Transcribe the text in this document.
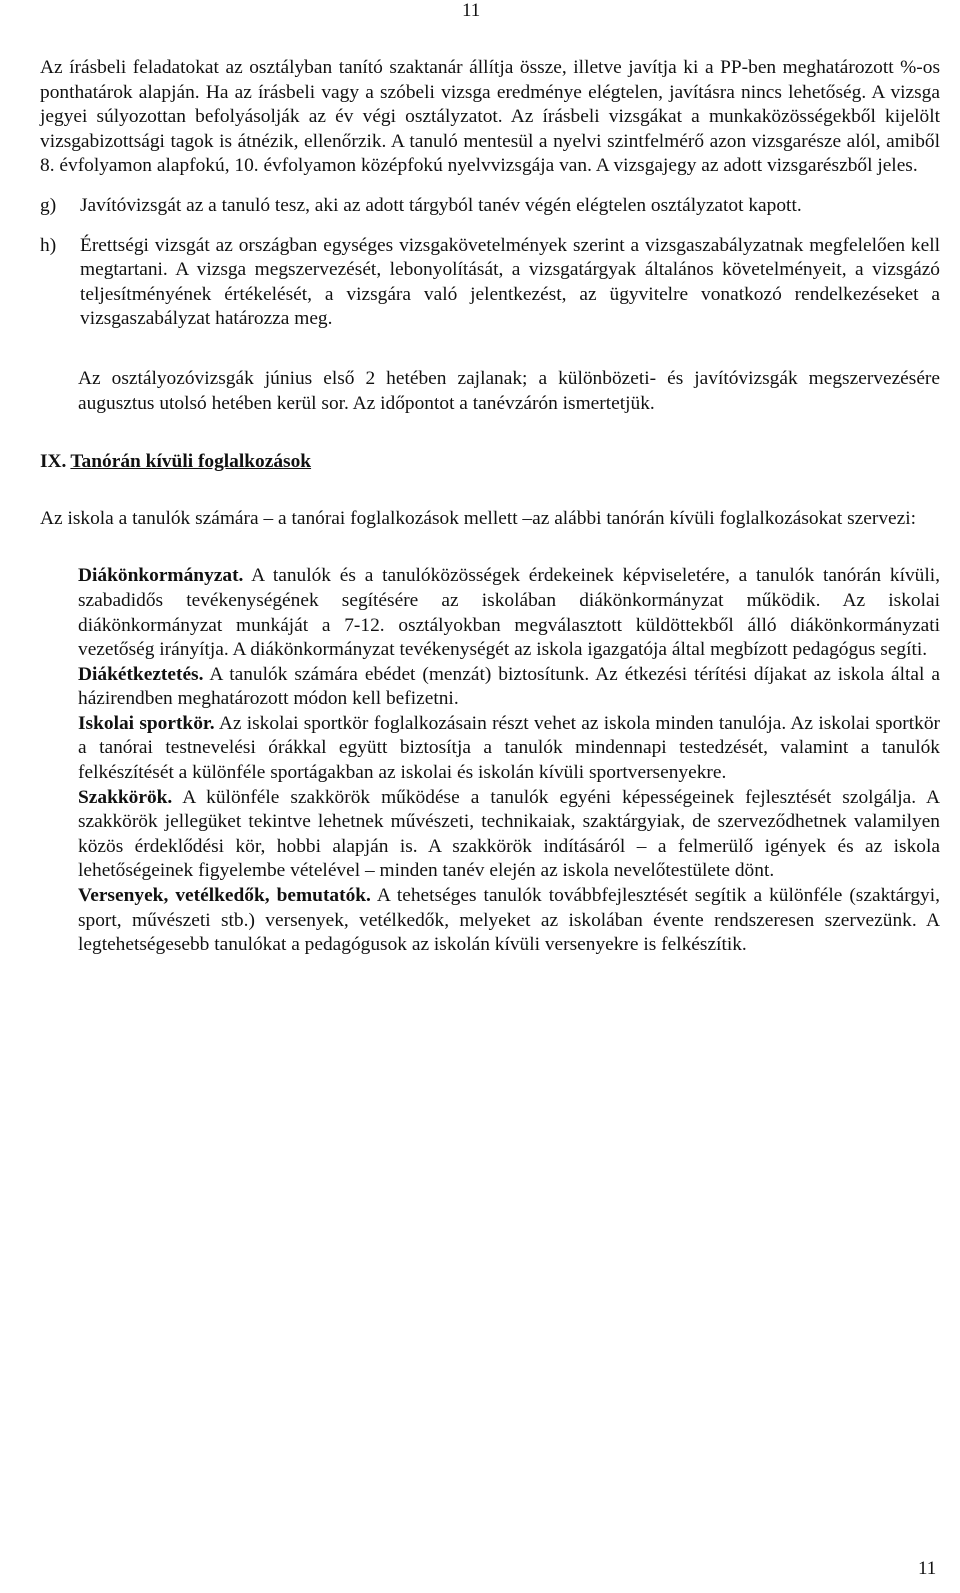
11

Az írásbeli feladatokat az osztályban tanító szaktanár állítja össze, illetve javítja ki a PP-ben meghatározott %-os ponthatárok alapján. Ha az írásbeli vagy a szóbeli vizsga eredménye elégtelen, javításra nincs lehetőség. A vizsga jegyei súlyozottan befolyásolják az év végi osztályzatot. Az írásbeli vizsgákat a munkaközösségekből kijelölt vizsgabizottsági tagok is átnézik, ellenőrzik. A tanuló mentesül a nyelvi szintfelmérő azon vizsgarésze alól, amiből 8. évfolyamon alapfokú, 10. évfolyamon középfokú nyelvvizsgája van. A vizsgajegy az adott vizsgarészből jeles.

g)	Javítóvizsgát az a tanuló tesz, aki az adott tárgyból tanév végén elégtelen osztályzatot kapott.
h)	Érettségi vizsgát az országban egységes vizsgakövetelmények szerint a vizsgaszabályzatnak megfelelően kell megtartani. A vizsga megszervezését, lebonyolítását, a vizsgatárgyak általános követelményeit, a vizsgázó teljesítményének értékelését, a vizsgára való jelentkezést, az ügyvitelre vonatkozó rendelkezéseket a vizsgaszabályzat határozza meg.

Az osztályozóvizsgák június első 2 hetében zajlanak; a különbözeti- és javítóvizsgák megszervezésére augusztus utolsó hetében kerül sor. Az időpontot a tanévzárón ismertetjük.

IX. Tanórán kívüli foglalkozások

Az iskola a tanulók számára – a tanórai foglalkozások mellett –az alábbi tanórán kívüli foglalkozásokat szervezi:

Diákönkormányzat. A tanulók és a tanulóközösségek érdekeinek képviseletére, a tanulók tanórán kívüli, szabadidős tevékenységének segítésére az iskolában diákönkormányzat működik. Az iskolai diákönkormányzat munkáját a 7-12. osztályokban megválasztott küldöttekből álló diákönkormányzati vezetőség irányítja. A diákönkormányzat tevékenységét az iskola igazgatója által megbízott pedagógus segíti.

Diákétkeztetés. A tanulók számára ebédet (menzát) biztosítunk. Az étkezési térítési díjakat az iskola által a házirendben meghatározott módon kell befizetni.

Iskolai sportkör. Az iskolai sportkör foglalkozásain részt vehet az iskola minden tanulója. Az iskolai sportkör a tanórai testnevelési órákkal együtt biztosítja a tanulók mindennapi testedzését, valamint a tanulók felkészítését a különféle sportágakban az iskolai és iskolán kívüli sportversenyekre.

Szakkörök. A különféle szakkörök működése a tanulók egyéni képességeinek fejlesztését szolgálja. A szakkörök jellegüket tekintve lehetnek művészeti, technikaiak, szaktárgyiak, de szerveződhetnek valamilyen közös érdeklődési kör, hobbi alapján is. A szakkörök indításáról – a felmerülő igények és az iskola lehetőségeinek figyelembe vételével – minden tanév elején az iskola nevelőtestülete dönt.

Versenyek, vetélkedők, bemutatók. A tehetséges tanulók továbbfejlesztését segítik a különféle (szaktárgyi, sport, művészeti stb.) versenyek, vetélkedők, melyeket az iskolában évente rendszeresen szervezünk. A legtehetségesebb tanulókat a pedagógusok az iskolán kívüli versenyekre is felkészítik.

11
